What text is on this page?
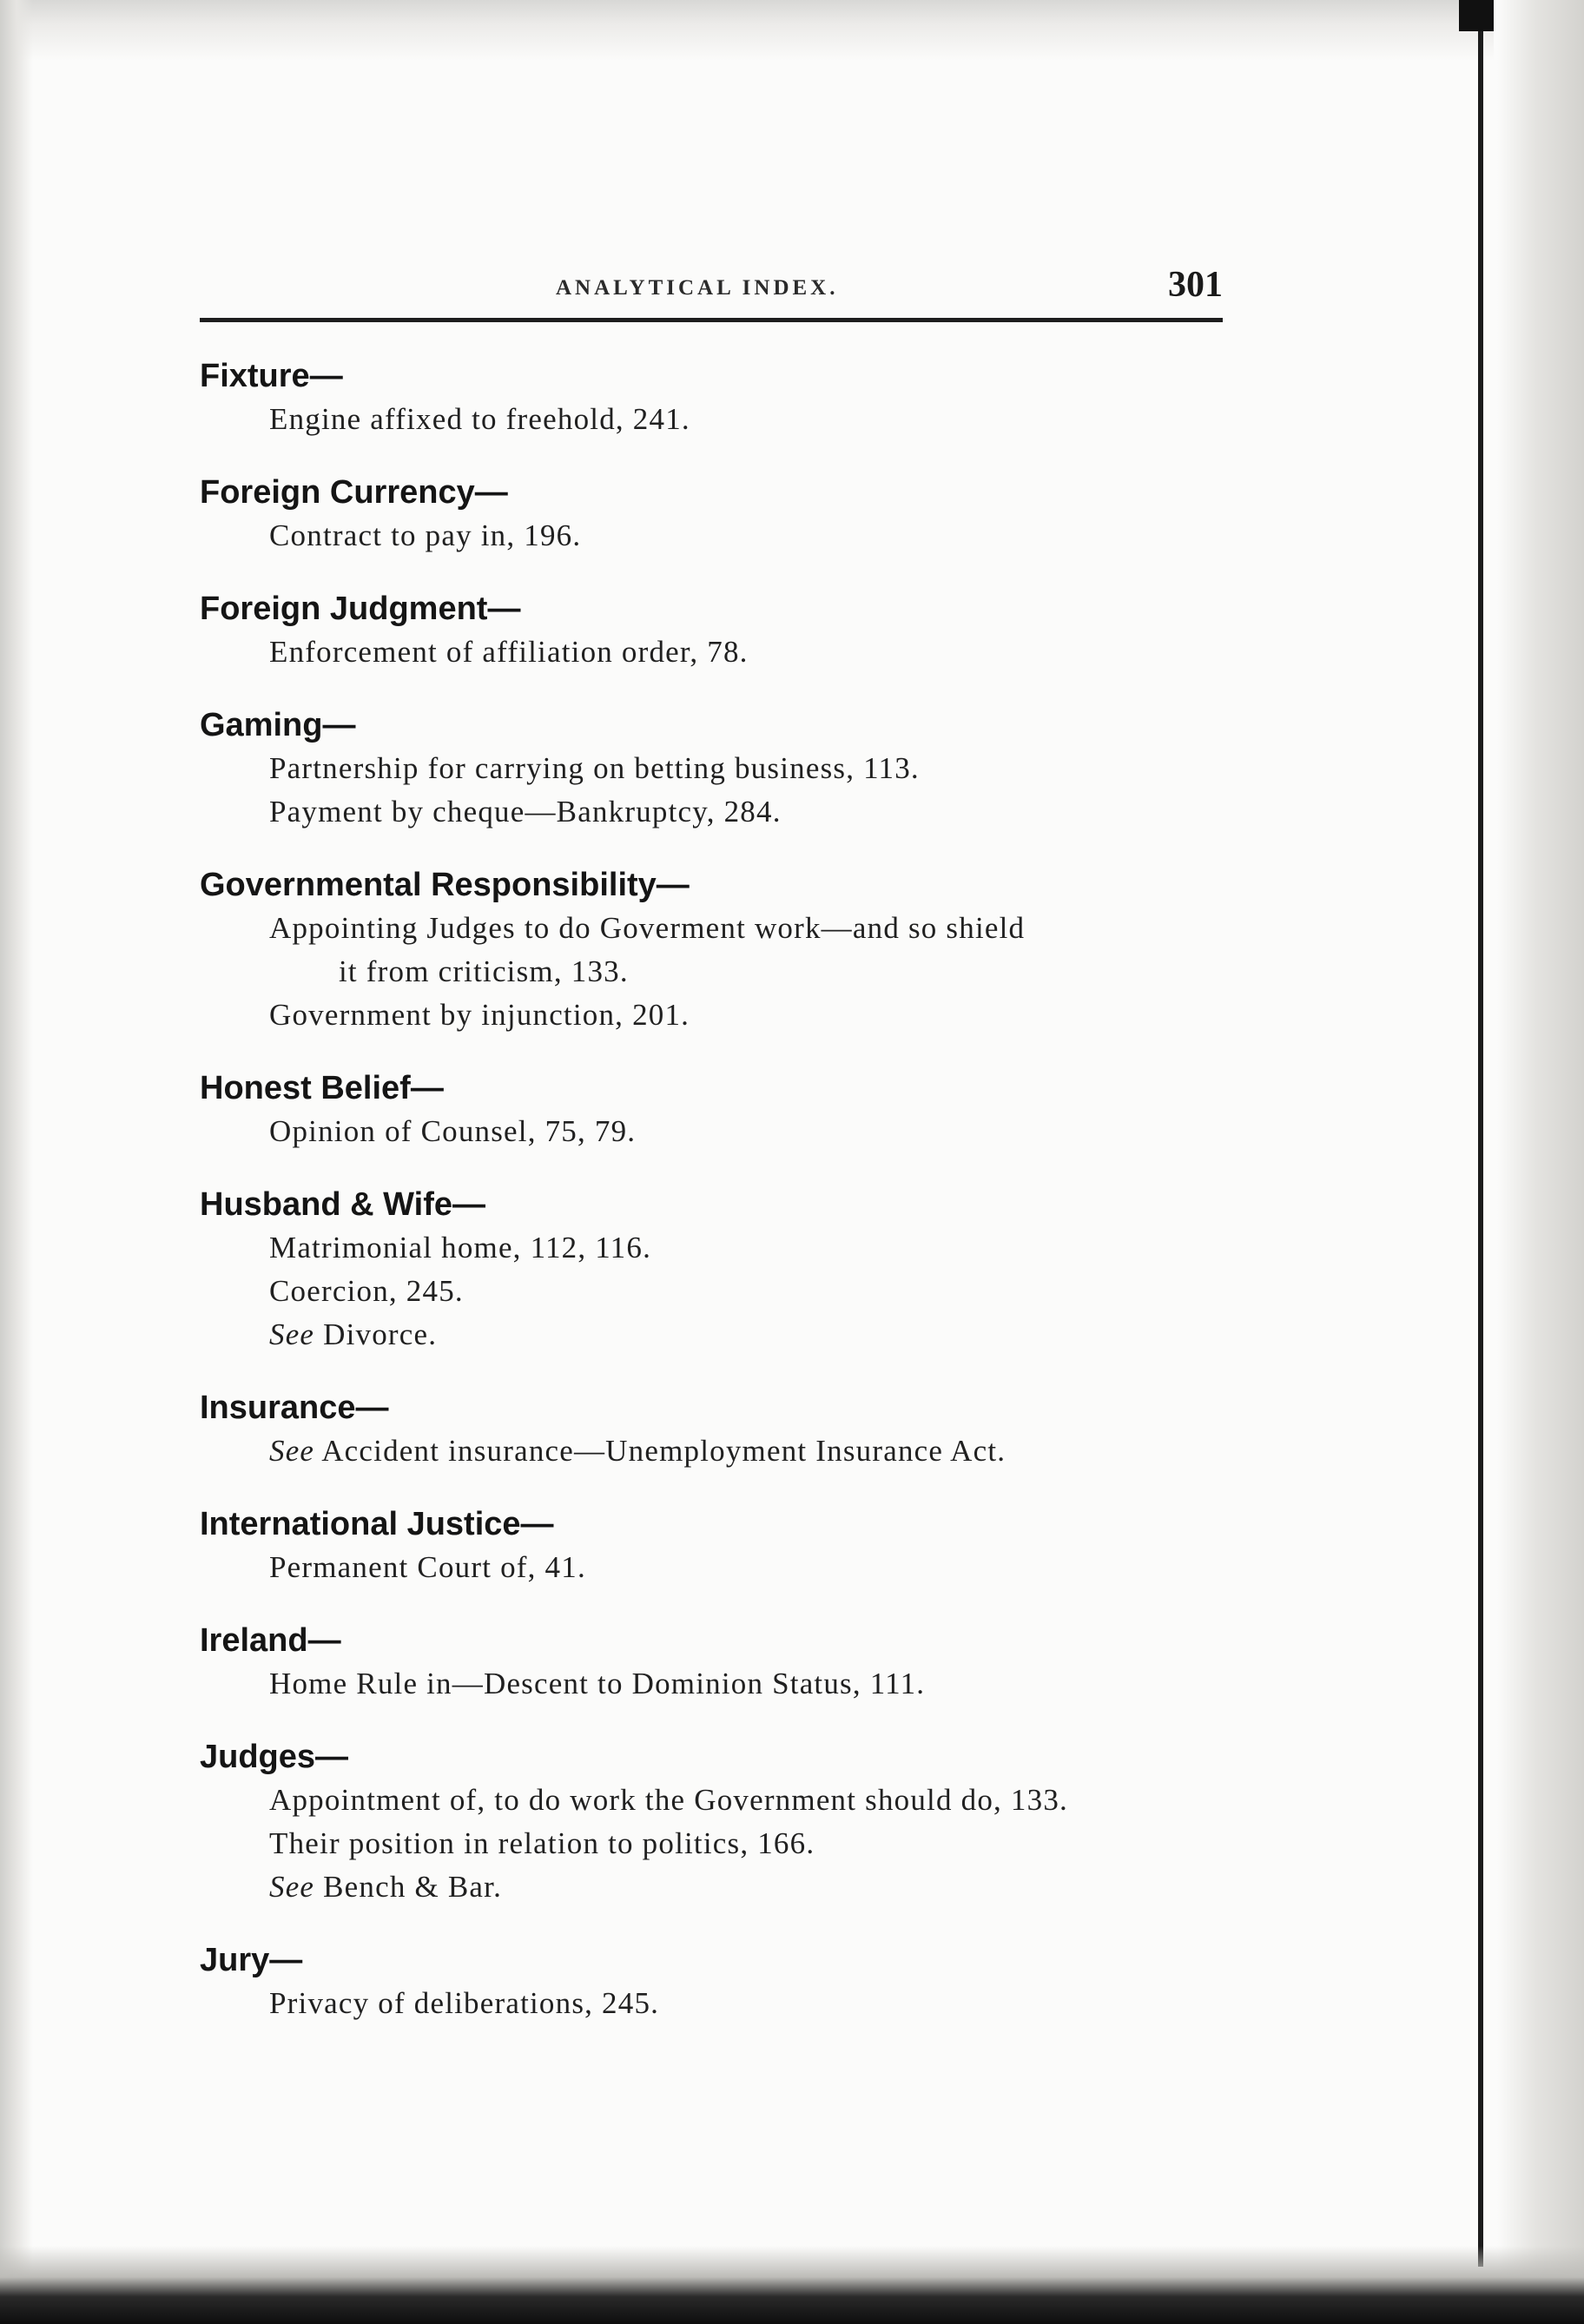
ANALYTICAL INDEX.	301
Fixture—
Engine affixed to freehold, 241.
Foreign Currency—
Contract to pay in, 196.
Foreign Judgment—
Enforcement of affiliation order, 78.
Gaming—
Partnership for carrying on betting business, 113.
Payment by cheque—Bankruptcy, 284.
Governmental Responsibility—
Appointing Judges to do Goverment work—and so shield
it from criticism, 133.
Government by injunction, 201.
Honest Belief—
Opinion of Counsel, 75, 79.
Husband & Wife—
Matrimonial home, 112, 116.
Coercion, 245.
See Divorce.
Insurance—
See Accident insurance—Unemployment Insurance Act.
International Justice—
Permanent Court of, 41.
Ireland—
Home Rule in—Descent to Dominion Status, 111.
Judges—
Appointment of, to do work the Government should do, 133.
Their position in relation to politics, 166.
See Bench & Bar.
Jury—
Privacy of deliberations, 245.
